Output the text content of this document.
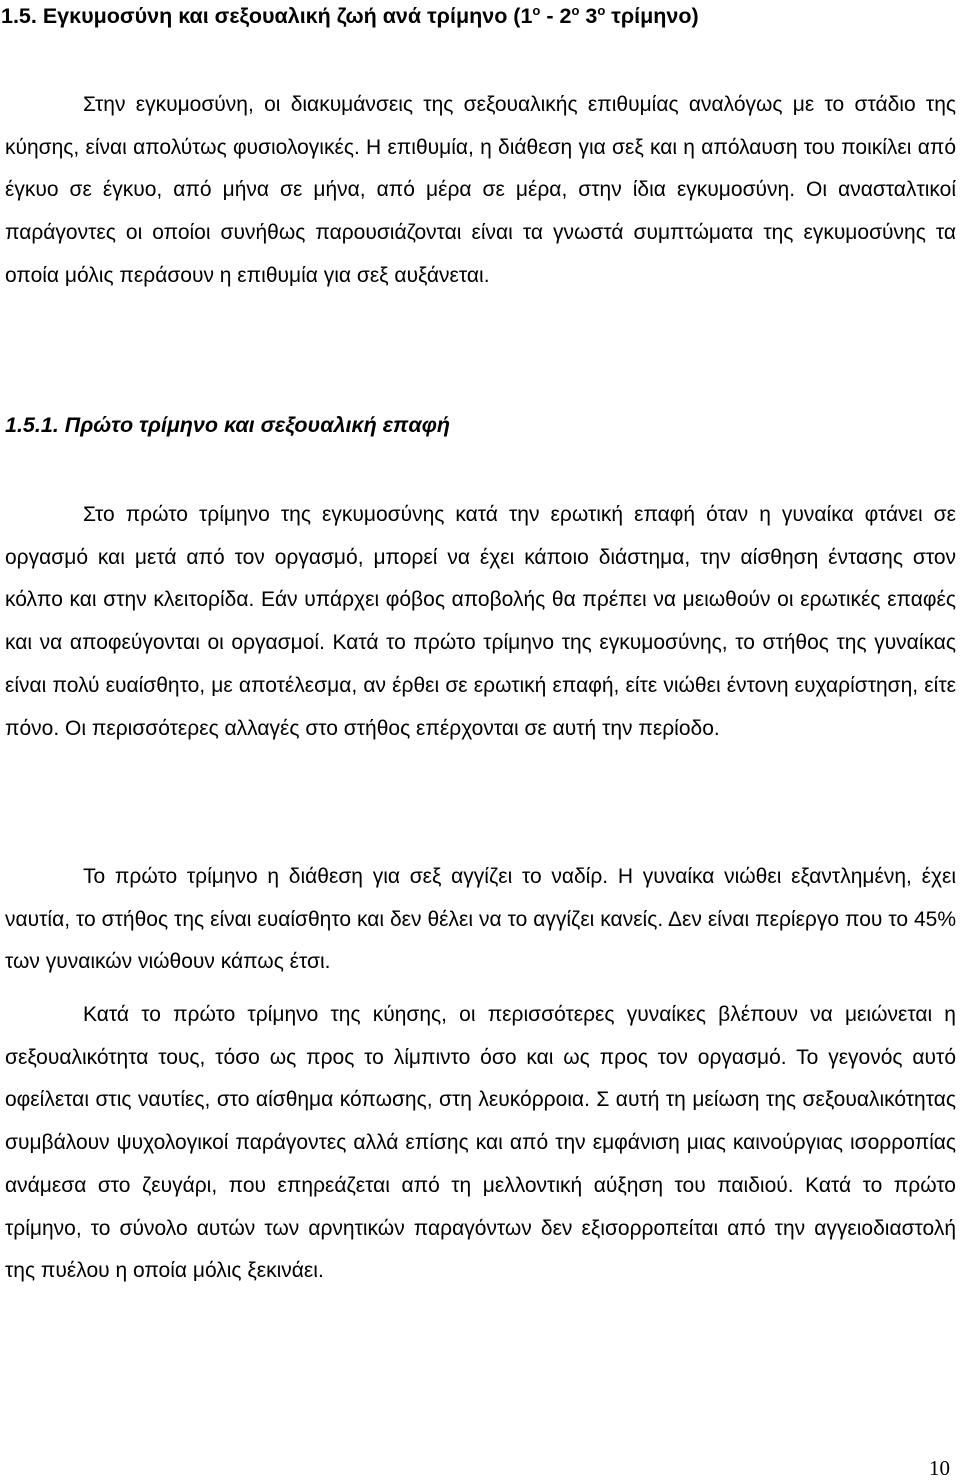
1.5. Εγκυμοσύνη και σεξουαλική ζωή ανά τρίμηνο ($1^o - 2^o$ $3^o$ τρίμηνο)

Στην εγκυμοσύνη, οι διακυμάνσεις της σεξουαλικής επιθυμίας αναλόγως με το στάδιο της κύησης, είναι απολύτως φυσιολογικές. Η επιθυμία, η διάθεση για σεξ και η απόλαυση του ποικίλει από έγκυο σε έγκυο, από μήνα σε μήνα, από μέρα σε μέρα, στην ίδια εγκυμοσύνη. Οι ανασταλτικοί παράγοντες οι οποίοι συνήθως παρουσιάζονται είναι τα γνωστά συμπτώματα της εγκυμοσύνης τα οποία μόλις περάσουν η επιθυμία για σεξ αυξάνεται.

1.5.1. Πρώτο τρίμηνο και σεξουαλική επαφή

Στο πρώτο τρίμηνο της εγκυμοσύνης κατά την ερωτική επαφή όταν η γυναίκα φτάνει σε οργασμό και μετά από τον οργασμό, μπορεί να έχει κάποιο διάστημα, την αίσθηση έντασης στον κόλπο και στην κλειτορίδα. Εάν υπάρχει φόβος αποβολής θα πρέπει να μειωθούν οι ερωτικές επαφές και να αποφεύγονται οι οργασμοί. Κατά το πρώτο τρίμηνο της εγκυμοσύνης, το στήθος της γυναίκας είναι πολύ ευαίσθητο, με αποτέλεσμα, αν έρθει σε ερωτική επαφή, είτε νιώθει έντονη ευχαρίστηση, είτε πόνο. Οι περισσότερες αλλαγές στο στήθος επέρχονται σε αυτή την περίοδο.

Το πρώτο τρίμηνο η διάθεση για σεξ αγγίζει το ναδίρ. Η γυναίκα νιώθει εξαντλημένη, έχει ναυτία, το στήθος της είναι ευαίσθητο και δεν θέλει να το αγγίζει κανείς. Δεν είναι περίεργο που το 45% των γυναικών νιώθουν κάπως έτσι.

Κατά το πρώτο τρίμηνο της κύησης, οι περισσότερες γυναίκες βλέπουν να μειώνεται η σεξουαλικότητα τους, τόσο ως προς το λίμπιντο όσο και ως προς τον οργασμό. Το γεγονός αυτό οφείλεται στις ναυτίες, στο αίσθημα κόπωσης, στη λευκόρροια. Σ αυτή τη μείωση της σεξουαλικότητας συμβάλουν ψυχολογικοί παράγοντες αλλά επίσης και από την εμφάνιση μιας καινούργιας ισορροπίας ανάμεσα στο ζευγάρι, που επηρεάζεται από τη μελλοντική αύξηση του παιδιού. Κατά το πρώτο τρίμηνο, το σύνολο αυτών των αρνητικών παραγόντων δεν εξισορροπείται από την αγγειοδιαστολή της πυέλου η οποία μόλις ξεκινάει.

10
